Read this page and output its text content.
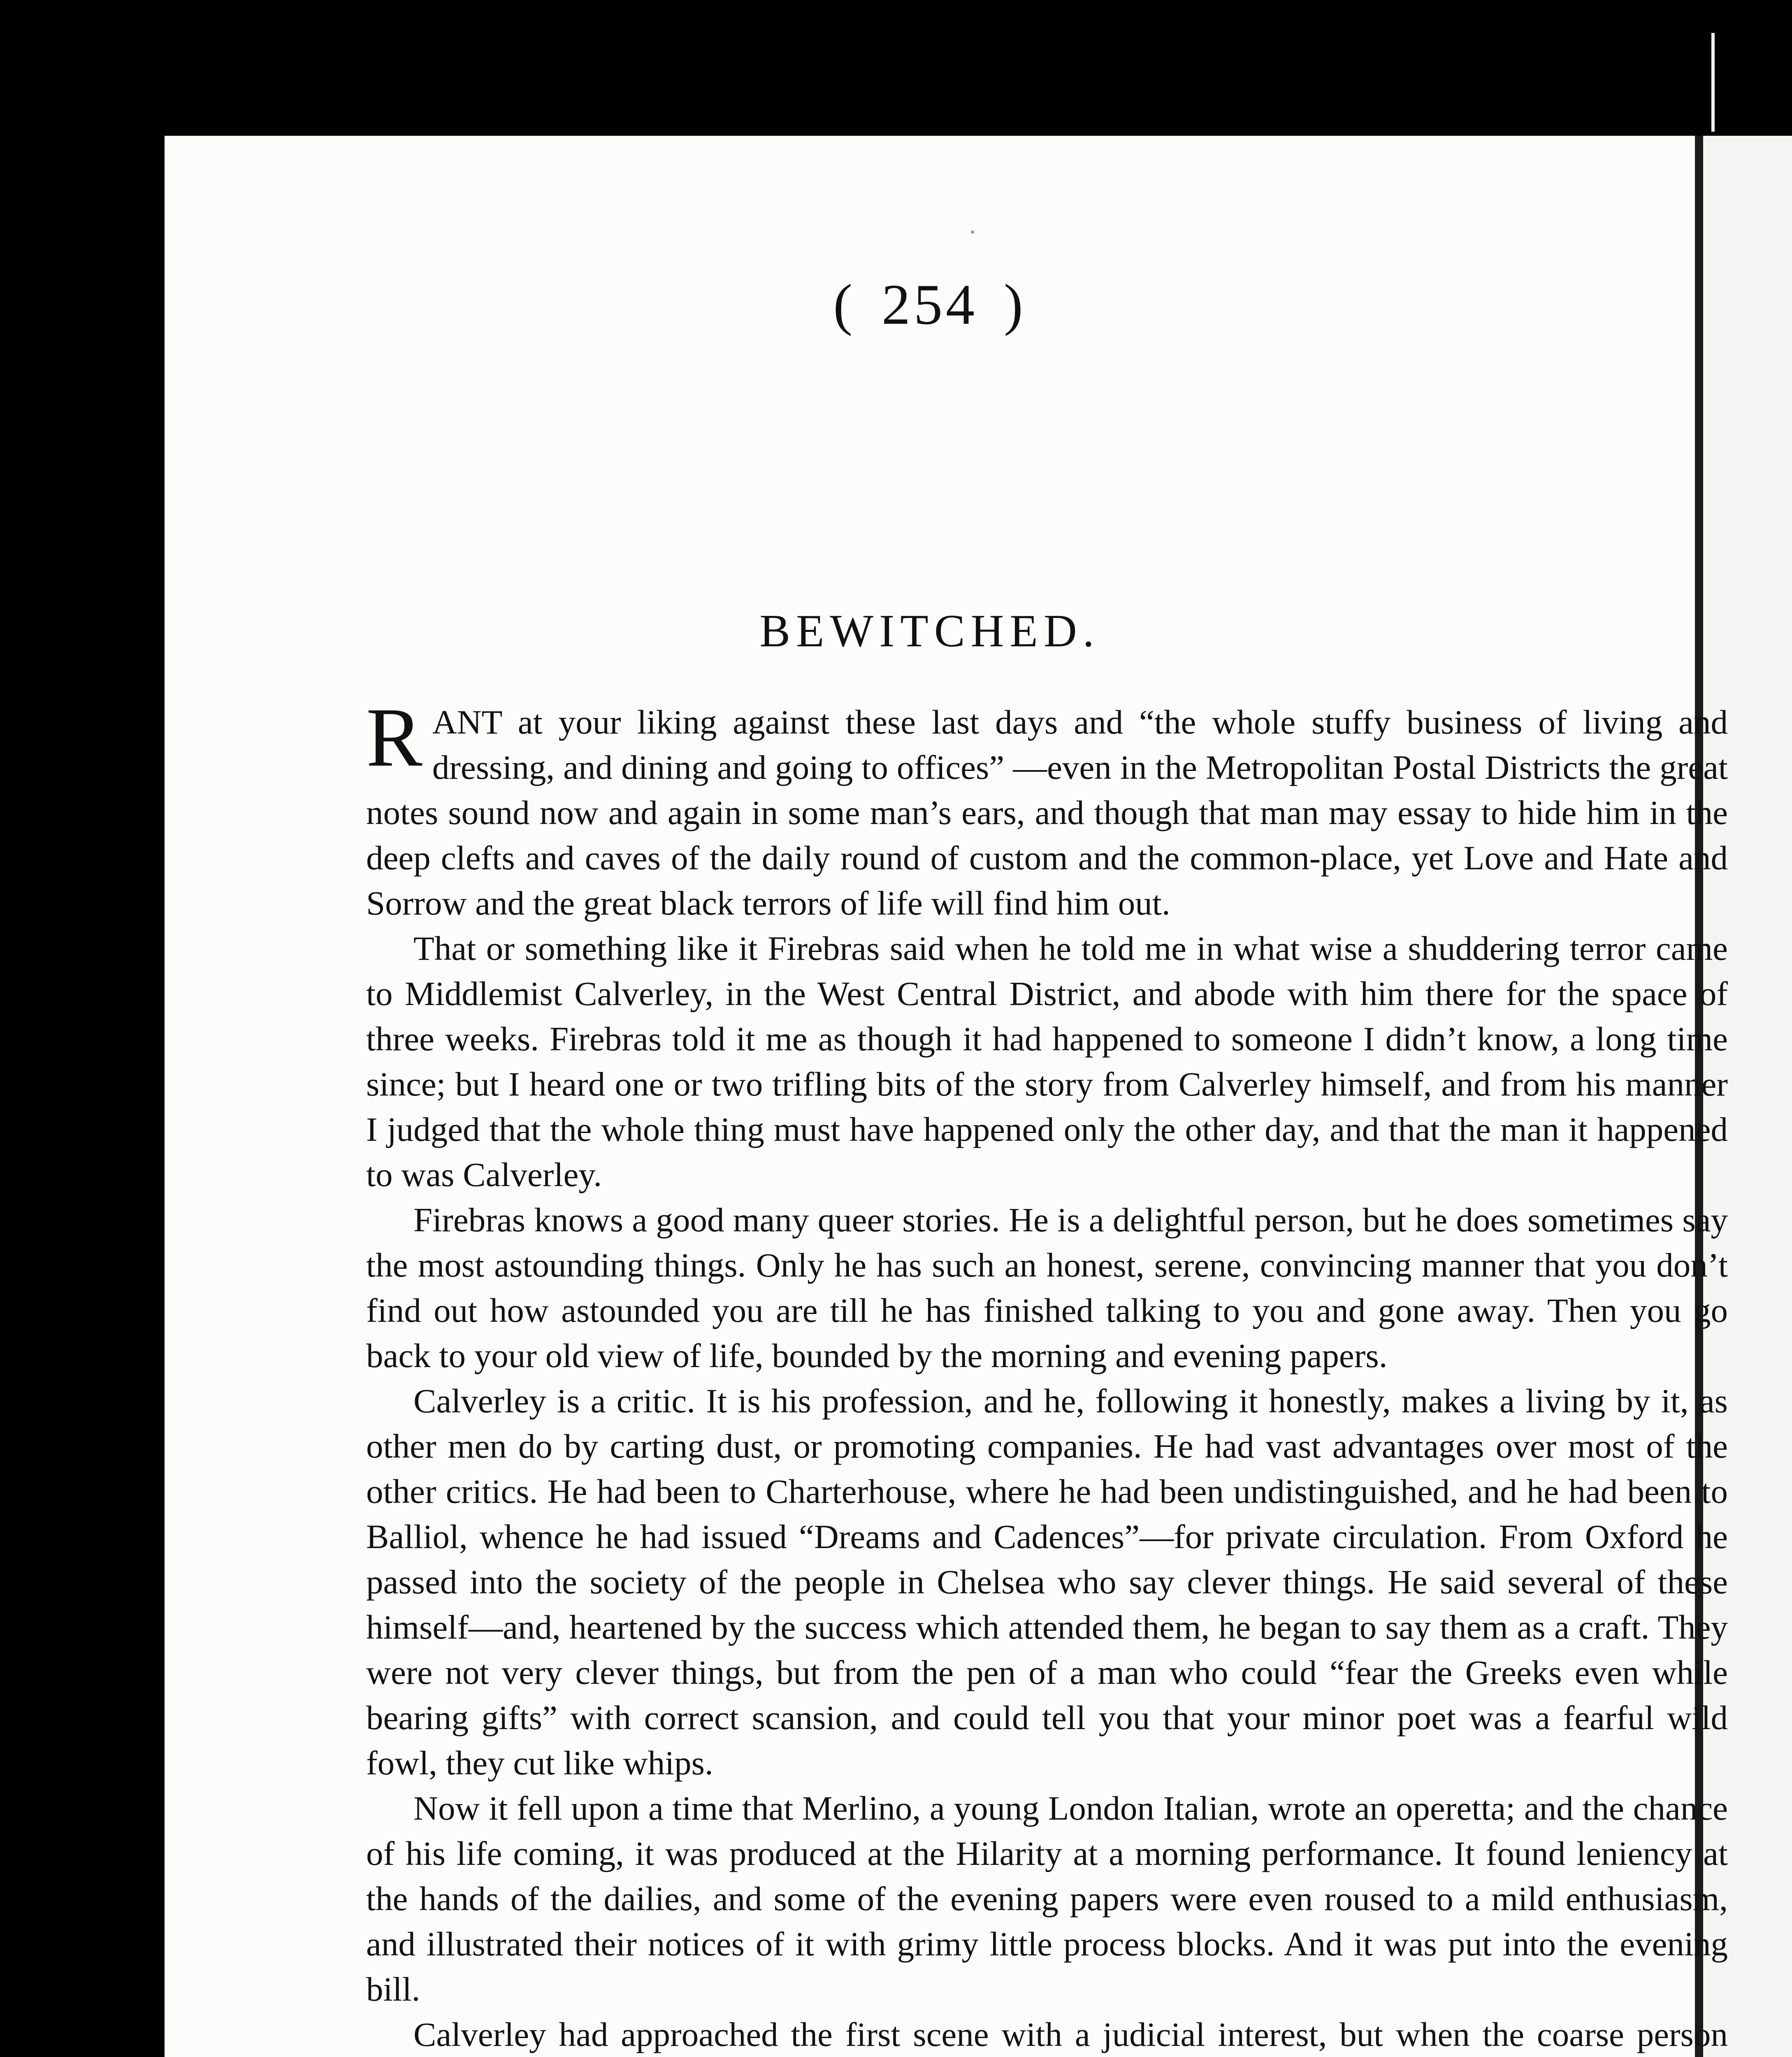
( 254 )
BEWITCHED.

RANT at your liking against these last days and “the whole stuffy business of living and dressing, and dining and going to offices” —even in the Metropolitan Postal Districts the great notes sound now and again in some man’s ears, and though that man may essay to hide him in the deep clefts and caves of the daily round of custom and the common-place, yet Love and Hate and Sorrow and the great black terrors of life will find him out.

That or something like it Firebras said when he told me in what wise a shuddering terror came to Middlemist Calverley, in the West Central District, and abode with him there for the space of three weeks. Firebras told it me as though it had happened to someone I didn’t know, a long time since; but I heard one or two trifling bits of the story from Calverley himself, and from his manner I judged that the whole thing must have happened only the other day, and that the man it happened to was Calverley.

Firebras knows a good many queer stories. He is a delightful person, but he does sometimes say the most astounding things. Only he has such an honest, serene, convincing manner that you don’t find out how astounded you are till he has finished talking to you and gone away. Then you go back to your old view of life, bounded by the morning and evening papers.

Calverley is a critic. It is his profession, and he, following it honestly, makes a living by it, as other men do by carting dust, or promoting companies. He had vast advantages over most of the other critics. He had been to Charterhouse, where he had been undistinguished, and he had been to Balliol, whence he had issued “Dreams and Cadences”—for private circulation. From Oxford he passed into the society of the people in Chelsea who say clever things. He said several of these himself—and, heartened by the success which attended them, he began to say them as a craft. They were not very clever things, but from the pen of a man who could “fear the Greeks even while bearing gifts” with correct scansion, and could tell you that your minor poet was a fearful wild fowl, they cut like whips.

Now it fell upon a time that Merlino, a young London Italian, wrote an operetta; and the chance of his life coming, it was produced at the Hilarity at a morning performance. It found leniency at the hands of the dailies, and some of the evening papers were even roused to a mild enthusiasm, and illustrated their notices of it with grimy little process blocks. And it was put into the evening bill.

Calverley had approached the first scene with a judicial interest, but when the coarse person
